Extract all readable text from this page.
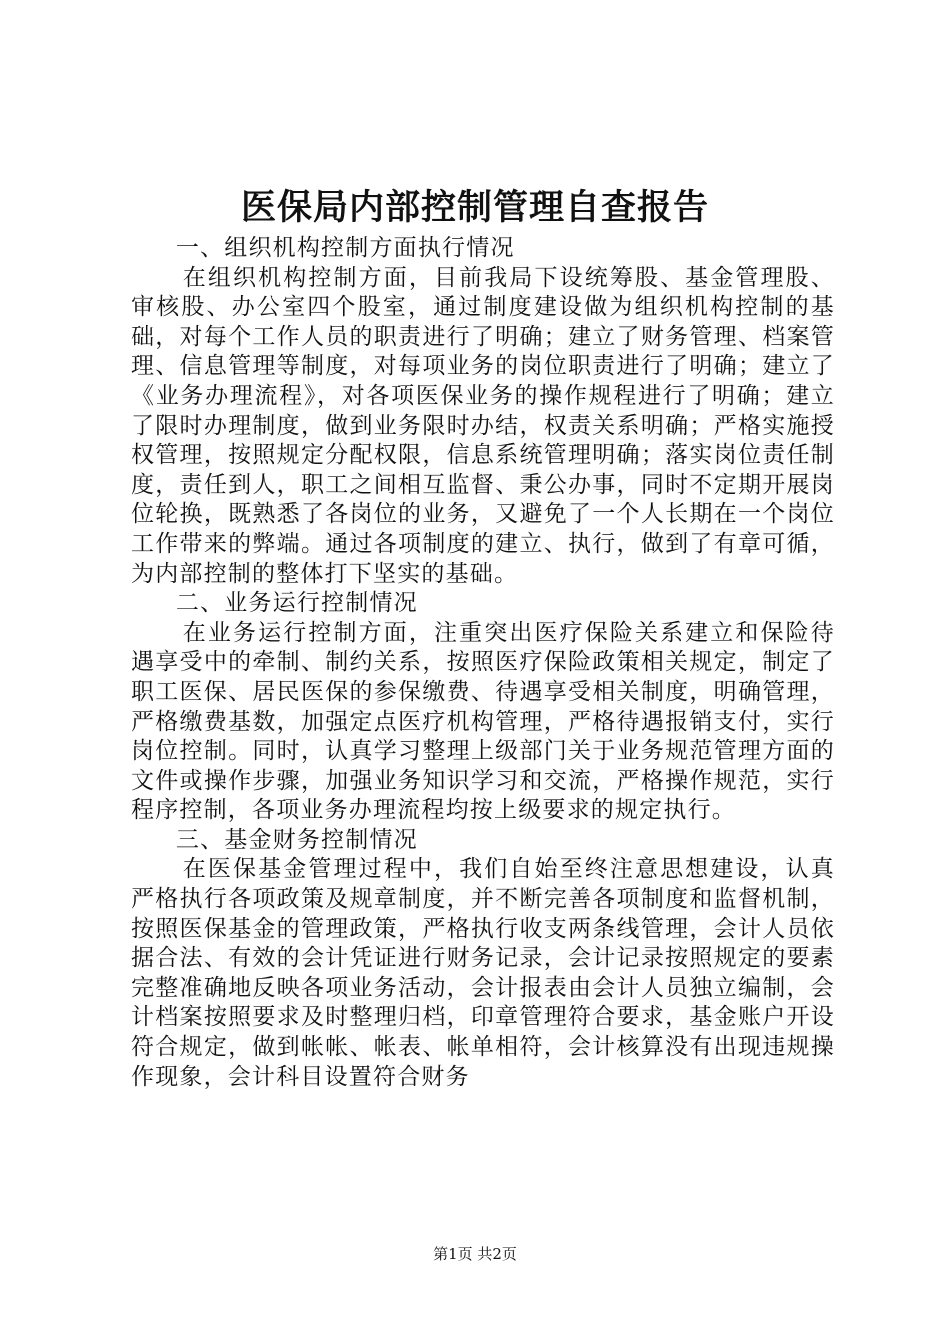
医保局内部控制管理自查报告

一、组织机构控制方面执行情况

在组织机构控制方面，目前我局下设统筹股、基金管理股、审核股、办公室四个股室，通过制度建设做为组织机构控制的基础，对每个工作人员的职责进行了明确；建立了财务管理、档案管理、信息管理等制度，对每项业务的岗位职责进行了明确；建立了《业务办理流程》，对各项医保业务的操作规程进行了明确；建立了限时办理制度，做到业务限时办结，权责关系明确；严格实施授权管理，按照规定分配权限，信息系统管理明确；落实岗位责任制度，责任到人，职工之间相互监督、秉公办事，同时不定期开展岗位轮换，既熟悉了各岗位的业务，又避免了一个人长期在一个岗位工作带来的弊端。通过各项制度的建立、执行，做到了有章可循，为内部控制的整体打下坚实的基础。

二、业务运行控制情况

在业务运行控制方面，注重突出医疗保险关系建立和保险待遇享受中的牵制、制约关系，按照医疗保险政策相关规定，制定了职工医保、居民医保的参保缴费、待遇享受相关制度，明确管理，严格缴费基数，加强定点医疗机构管理，严格待遇报销支付，实行岗位控制。同时，认真学习整理上级部门关于业务规范管理方面的文件或操作步骤，加强业务知识学习和交流，严格操作规范，实行程序控制，各项业务办理流程均按上级要求的规定执行。

三、基金财务控制情况

在医保基金管理过程中，我们自始至终注意思想建设，认真严格执行各项政策及规章制度，并不断完善各项制度和监督机制，按照医保基金的管理政策，严格执行收支两条线管理，会计人员依据合法、有效的会计凭证进行财务记录，会计记录按照规定的要素完整准确地反映各项业务活动，会计报表由会计人员独立编制，会计档案按照要求及时整理归档，印章管理符合要求，基金账户开设符合规定，做到帐帐、帐表、帐单相符，会计核算没有出现违规操作现象，会计科目设置符合财务

第1页 共2页
